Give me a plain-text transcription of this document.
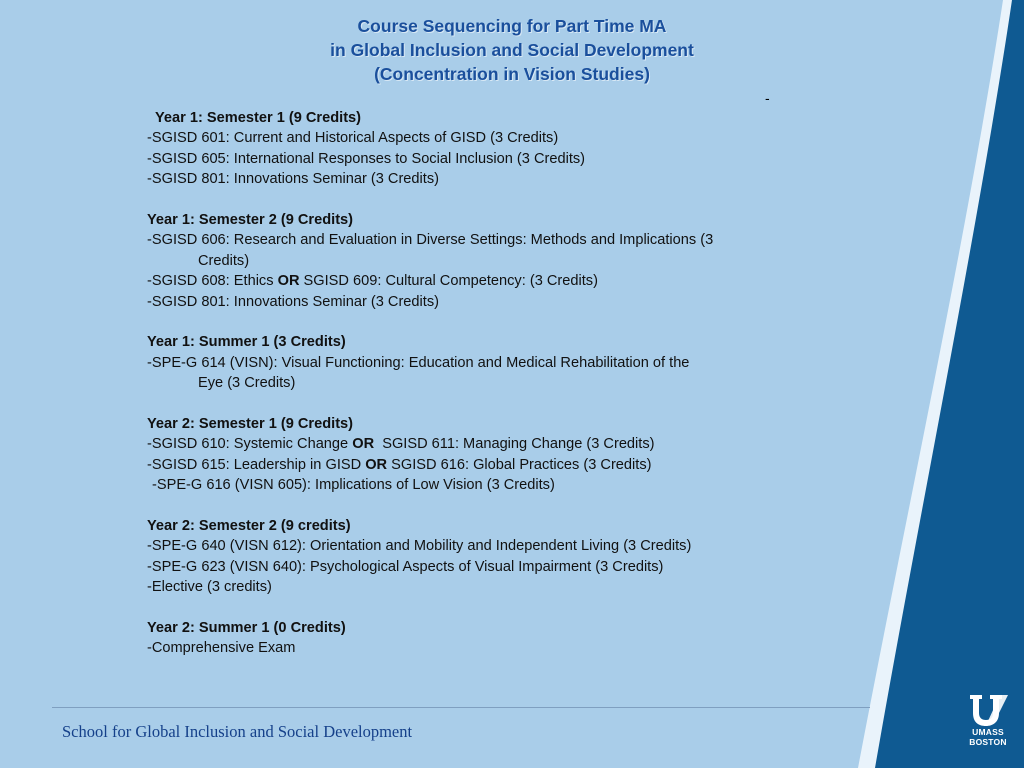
Course Sequencing for Part Time MA
in Global Inclusion and Social Development
(Concentration in Vision Studies)
-
Year 1: Semester 1 (9 Credits)
-SGISD 601: Current and Historical Aspects of GISD (3 Credits)
-SGISD 605: International Responses to Social Inclusion (3 Credits)
-SGISD 801: Innovations Seminar (3 Credits)
Year 1: Semester 2 (9 Credits)
-SGISD 606: Research and Evaluation in Diverse Settings: Methods and Implications (3
Credits)
-SGISD 608: Ethics OR SGISD 609: Cultural Competency: (3 Credits)
-SGISD 801: Innovations Seminar (3 Credits)
Year 1: Summer 1 (3 Credits)
-SPE-G 614 (VISN): Visual Functioning: Education and Medical Rehabilitation of the
Eye (3 Credits)
Year 2: Semester 1 (9 Credits)
-SGISD 610: Systemic Change OR  SGISD 611: Managing Change (3 Credits)
-SGISD 615: Leadership in GISD OR SGISD 616: Global Practices (3 Credits)
-SPE-G 616 (VISN 605): Implications of Low Vision (3 Credits)
Year 2: Semester 2 (9 credits)
-SPE-G 640 (VISN 612): Orientation and Mobility and Independent Living (3 Credits)
-SPE-G 623 (VISN 640): Psychological Aspects of Visual Impairment (3 Credits)
-Elective (3 credits)
Year 2: Summer 1 (0 Credits)
-Comprehensive Exam
School for Global Inclusion and Social Development	UMASS
BOSTON
